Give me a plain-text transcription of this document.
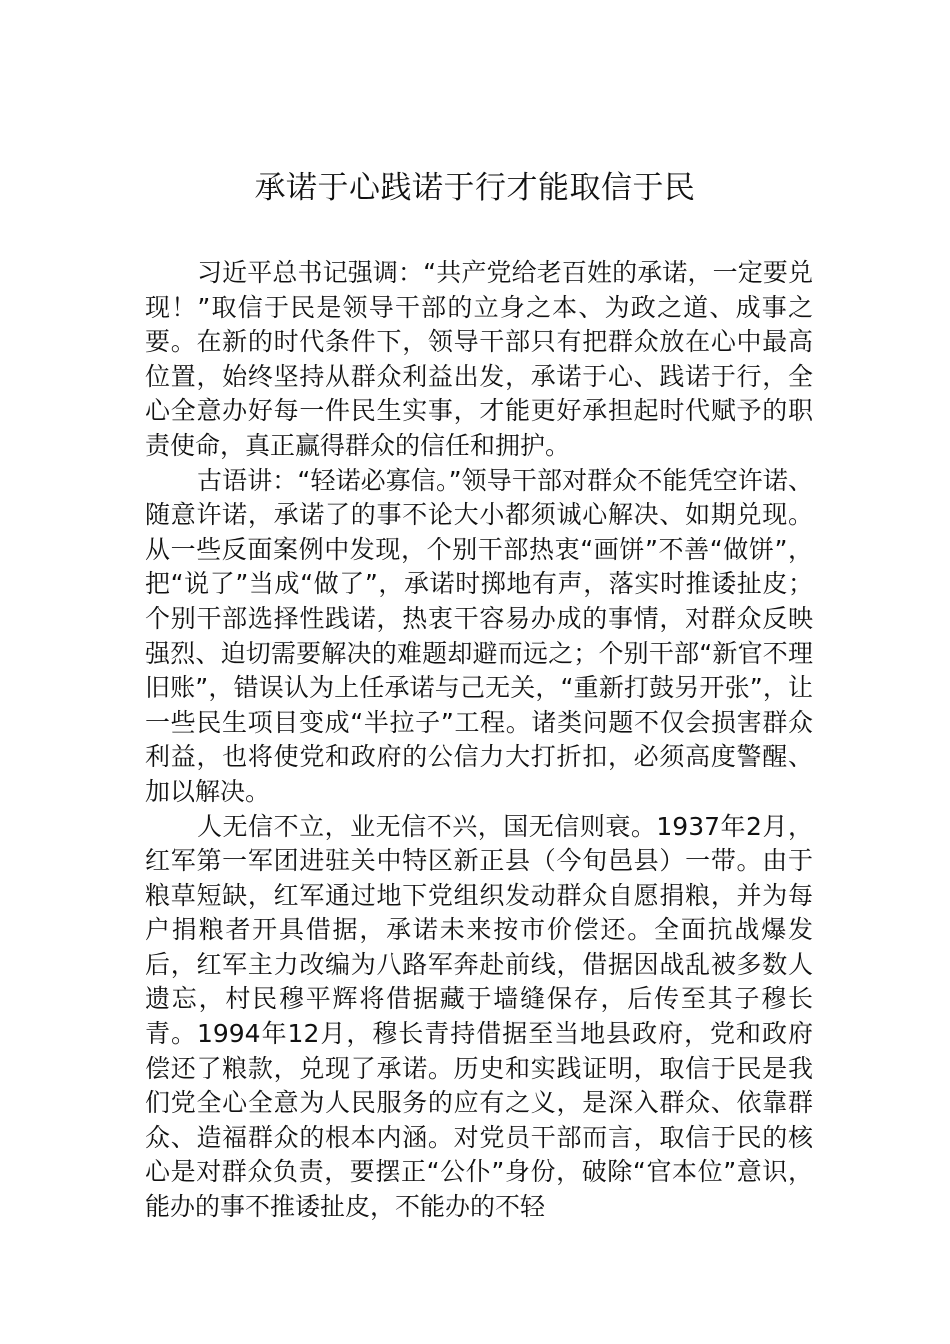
承诺于心践诺于行才能取信于民

习近平总书记强调：“共产党给老百姓的承诺，一定要兑现！”取信于民是领导干部的立身之本、为政之道、成事之要。在新的时代条件下，领导干部只有把群众放在心中最高位置，始终坚持从群众利益出发，承诺于心、践诺于行，全心全意办好每一件民生实事，才能更好承担起时代赋予的职责使命，真正赢得群众的信任和拥护。

古语讲：“轻诺必寡信。”领导干部对群众不能凭空许诺、随意许诺，承诺了的事不论大小都须诚心解决、如期兑现。从一些反面案例中发现，个别干部热衷“画饼”不善“做饼”，把“说了”当成“做了”，承诺时掷地有声，落实时推诿扯皮；个别干部选择性践诺，热衷干容易办成的事情，对群众反映强烈、迫切需要解决的难题却避而远之；个别干部“新官不理旧账”，错误认为上任承诺与己无关，“重新打鼓另开张”，让一些民生项目变成“半拉子”工程。诸类问题不仅会损害群众利益，也将使党和政府的公信力大打折扣，必须高度警醒、加以解决。

人无信不立，业无信不兴，国无信则衰。1937年2月，红军第一军团进驻关中特区新正县（今旬邑县）一带。由于粮草短缺，红军通过地下党组织发动群众自愿捐粮，并为每户捐粮者开具借据，承诺未来按市价偿还。全面抗战爆发后，红军主力改编为八路军奔赴前线，借据因战乱被多数人遗忘，村民穆平辉将借据藏于墙缝保存，后传至其子穆长青。1994年12月，穆长青持借据至当地县政府，党和政府偿还了粮款，兑现了承诺。历史和实践证明，取信于民是我们党全心全意为人民服务的应有之义，是深入群众、依靠群众、造福群众的根本内涵。对党员干部而言，取信于民的核心是对群众负责，要摆正“公仆”身份，破除“官本位”意识，能办的事不推诿扯皮，不能办的不轻
